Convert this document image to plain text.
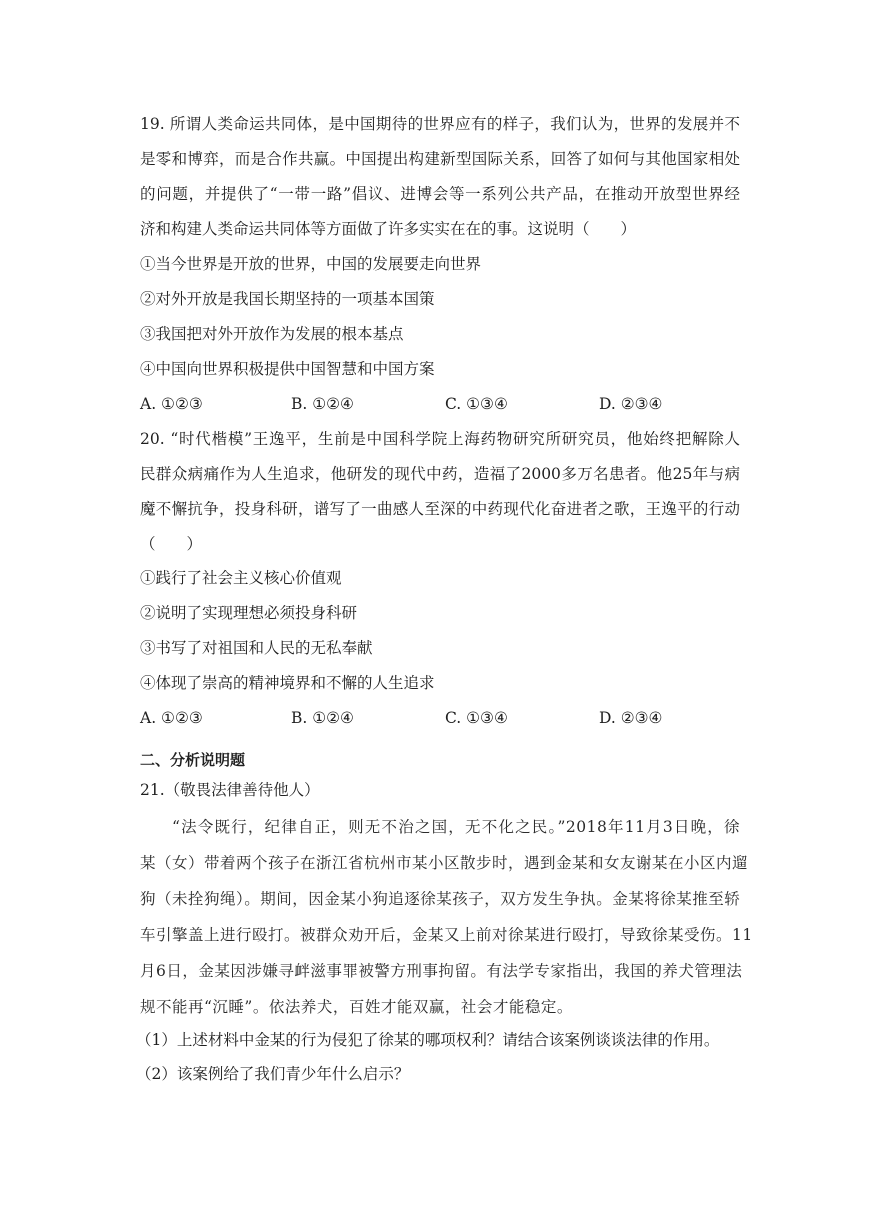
19. 所谓人类命运共同体，是中国期待的世界应有的样子，我们认为，世界的发展并不
是零和博弈，而是合作共赢。中国提出构建新型国际关系，回答了如何与其他国家相处
的问题，并提供了“一带一路”倡议、进博会等一系列公共产品，在推动开放型世界经
济和构建人类命运共同体等方面做了许多实实在在的事。这说明（　　）
①当今世界是开放的世界，中国的发展要走向世界
②对外开放是我国长期坚持的一项基本国策
③我国把对外开放作为发展的根本基点
④中国向世界积极提供中国智慧和中国方案
A. ①②③	B. ①②④	C. ①③④	D. ②③④
20. “时代楷模”王逸平，生前是中国科学院上海药物研究所研究员，他始终把解除人
民群众病痛作为人生追求，他研发的现代中药，造福了2000多万名患者。他25年与病
魔不懈抗争，投身科研，谱写了一曲感人至深的中药现代化奋进者之歌，王逸平的行动
（　　）
①践行了社会主义核心价值观
②说明了实现理想必须投身科研
③书写了对祖国和人民的无私奉献
④体现了崇高的精神境界和不懈的人生追求
A. ①②③	B. ①②④	C. ①③④	D. ②③④
二、分析说明题
21.（敬畏法律善待他人）
“法令既行，纪律自正，则无不治之国，无不化之民。”2018年11月3日晚，徐
某（女）带着两个孩子在浙江省杭州市某小区散步时，遇到金某和女友谢某在小区内遛
狗（未拴狗绳）。期间，因金某小狗追逐徐某孩子，双方发生争执。金某将徐某推至轿
车引擎盖上进行殴打。被群众劝开后，金某又上前对徐某进行殴打，导致徐某受伤。11
月6日，金某因涉嫌寻衅滋事罪被警方刑事拘留。有法学专家指出，我国的养犬管理法
规不能再“沉睡”。依法养犬，百姓才能双赢，社会才能稳定。
（1）上述材料中金某的行为侵犯了徐某的哪项权利？请结合该案例谈谈法律的作用。
（2）该案例给了我们青少年什么启示？
